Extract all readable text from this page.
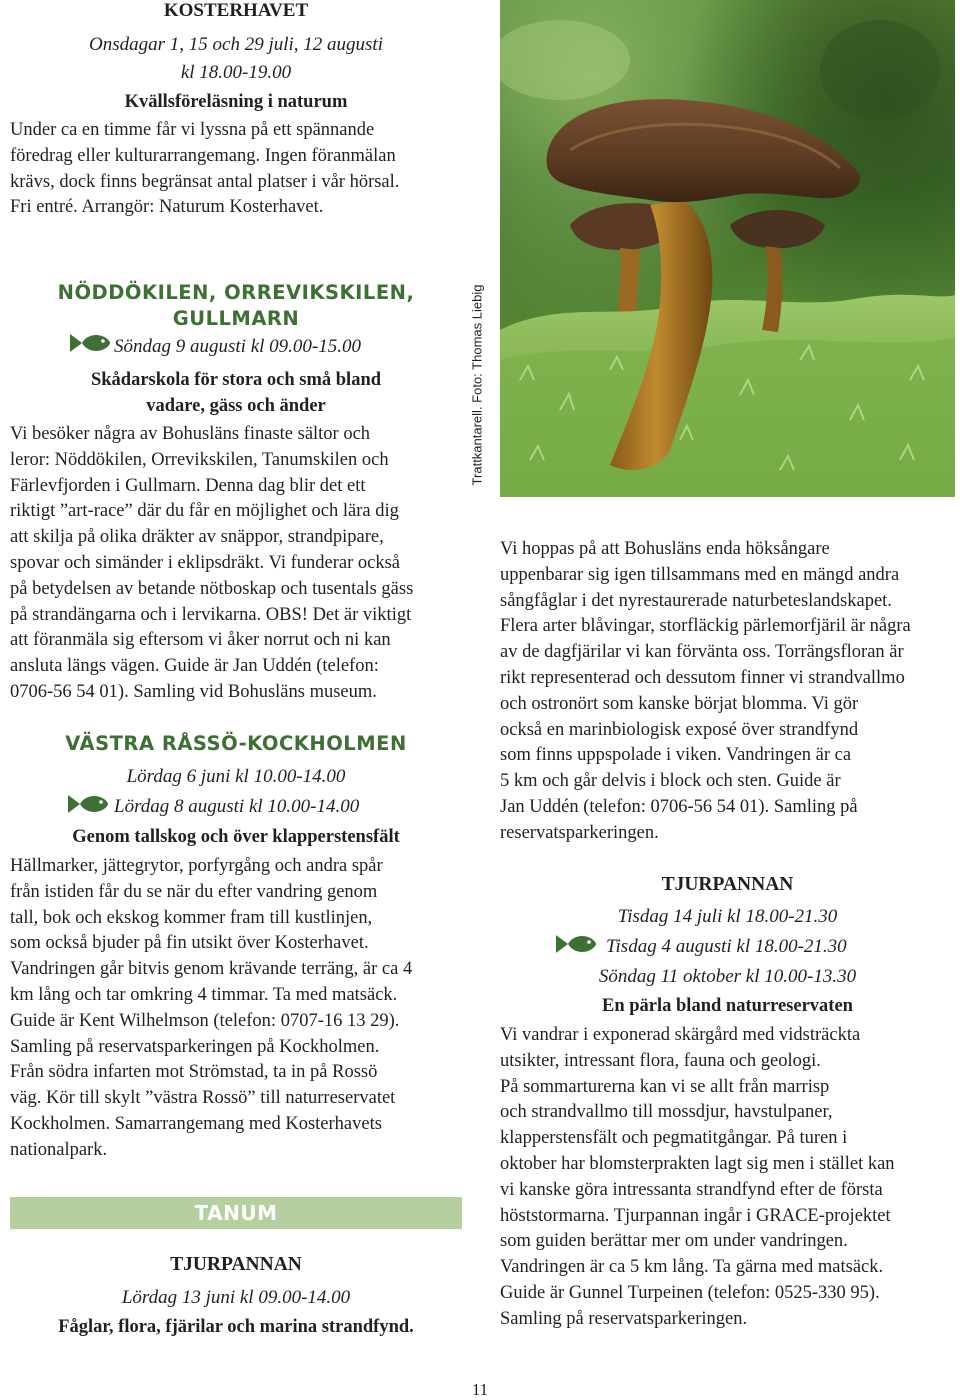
KOSTERHAVET
Onsdagar 1, 15 och 29 juli, 12 augusti
kl 18.00-19.00
Kvällsföreläsning i naturum
Under ca en timme får vi lyssna på ett spännande
föredrag eller kulturarrangemang. Ingen föranmälan
krävs, dock finns begränsat antal platser i vår hörsal.
Fri entré. Arrangör: Naturum Kosterhavet.
NÖDDÖKILEN, ORREVIKSKILEN,
GULLMARN
Söndag 9 augusti kl 09.00-15.00
Skådarskola för stora och små bland
vadare, gäss och änder
Vi besöker några av Bohusläns finaste sältor och
leror: Nöddökilen, Orrevikskilen, Tanumskilen och
Färlevfjorden i Gullmarn. Denna dag blir det ett
riktigt ”art-race” där du får en möjlighet och lära dig
att skilja på olika dräkter av snäppor, strandpipare,
spovar och simänder i eklipsdräkt. Vi funderar också
på betydelsen av betande nötboskap och tusentals gäss
på strandängarna och i lervikarna. OBS! Det är viktigt
att föranmäla sig eftersom vi åker norrut och ni kan
ansluta längs vägen. Guide är Jan Uddén (telefon:
0706-56 54 01). Samling vid Bohusläns museum.
VÄSTRA RÅSSÖ-KOCKHOLMEN
Lördag 6 juni kl 10.00-14.00
Lördag 8 augusti kl 10.00-14.00
Genom tallskog och över klapperstensfält
Hällmarker, jättegrytor, porfyrgång och andra spår
från istiden får du se när du efter vandring genom
tall, bok och ekskog kommer fram till kustlinjen,
som också bjuder på fin utsikt över Kosterhavet.
Vandringen går bitvis genom krävande terräng, är ca 4
km lång och tar omkring 4 timmar. Ta med matsäck.
Guide är Kent Wilhelmson (telefon: 0707-16 13 29).
Samling på reservatsparkeringen på Kockholmen.
Från södra infarten mot Strömstad, ta in på Rossö
väg. Kör till skylt ”västra Rossö” till naturreservatet
Kockholmen. Samarrangemang med Kosterhavets
nationalpark.
TANUM
TJURPANNAN
Lördag 13 juni kl 09.00-14.00
Fåglar, flora, fjärilar och marina strandfynd.
Trattkantarell. Foto: Thomas Liebig
Vi hoppas på att Bohusläns enda höksångare
uppenbarar sig igen tillsammans med en mängd andra
sångfåglar i det nyrestaurerade naturbeteslandskapet.
Flera arter blåvingar, storfläckig pärlemorfjäril är några
av de dagfjärilar vi kan förvänta oss. Torrängsfloran är
rikt representerad och dessutom finner vi strandvallmo
och ostronört som kanske börjat blomma. Vi gör
också en marinbiologisk exposé över strandfynd
som finns uppspolade i viken. Vandringen är ca
5 km och går delvis i block och sten. Guide är
Jan Uddén (telefon: 0706-56 54 01). Samling på
reservatsparkeringen.
TJURPANNAN
Tisdag 14 juli kl 18.00-21.30
Tisdag 4 augusti kl 18.00-21.30
Söndag 11 oktober kl 10.00-13.30
En pärla bland naturreservaten
Vi vandrar i exponerad skärgård med vidsträckta
utsikter, intressant flora, fauna och geologi.
På sommarturerna kan vi se allt från marrisp
och strandvallmo till mossdjur, havstulpaner,
klapperstensfält och pegmatitgångar. På turen i
oktober har blomsterprakten lagt sig men i stället kan
vi kanske göra intressanta strandfynd efter de första
höststormarna. Tjurpannan ingår i GRACE-projektet
som guiden berättar mer om under vandringen.
Vandringen är ca 5 km lång. Ta gärna med matsäck.
Guide är Gunnel Turpeinen (telefon: 0525-330 95).
Samling på reservatsparkeringen.
11
